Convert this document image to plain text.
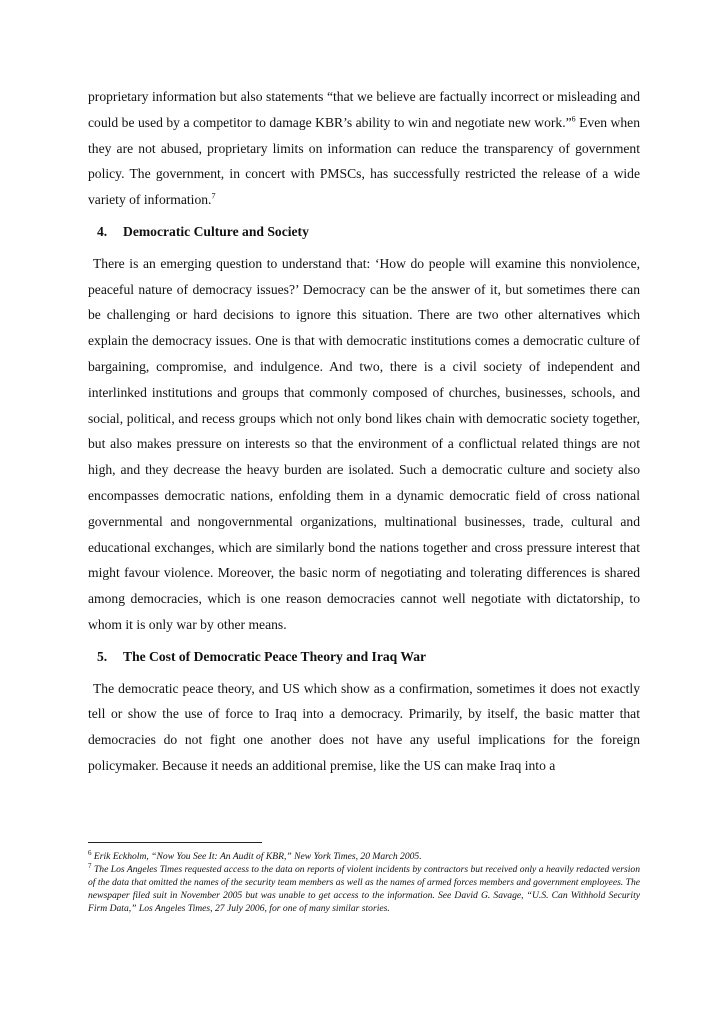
proprietary information but also statements “that we believe are factually incorrect or misleading and could be used by a competitor to damage KBR’s ability to win and negotiate new work.”$^6$ Even when they are not abused, proprietary limits on information can reduce the transparency of government policy. The government, in concert with PMSCs, has successfully restricted the release of a wide variety of information.$^7$

4. Democratic Culture and Society

There is an emerging question to understand that: ‘How do people will examine this nonviolence, peaceful nature of democracy issues?’ Democracy can be the answer of it, but sometimes there can be challenging or hard decisions to ignore this situation. There are two other alternatives which explain the democracy issues. One is that with democratic institutions comes a democratic culture of bargaining, compromise, and indulgence. And two, there is a civil society of independent and interlinked institutions and groups that commonly composed of churches, businesses, schools, and social, political, and recess groups which not only bond likes chain with democratic society together, but also makes pressure on interests so that the environment of a conflictual related things are not high, and they decrease the heavy burden are isolated. Such a democratic culture and society also encompasses democratic nations, enfolding them in a dynamic democratic field of cross national governmental and nongovernmental organizations, multinational businesses, trade, cultural and educational exchanges, which are similarly bond the nations together and cross pressure interest that might favour violence. Moreover, the basic norm of negotiating and tolerating differences is shared among democracies, which is one reason democracies cannot well negotiate with dictatorship, to whom it is only war by other means.

5. The Cost of Democratic Peace Theory and Iraq War

The democratic peace theory, and US which show as a confirmation, sometimes it does not exactly tell or show the use of force to Iraq into a democracy. Primarily, by itself, the basic matter that democracies do not fight one another does not have any useful implications for the foreign policymaker. Because it needs an additional premise, like the US can make Iraq into a

$^6$ Erik Eckholm, “Now You See It: An Audit of KBR,” New York Times, 20 March 2005.
$^7$ The Los Angeles Times requested access to the data on reports of violent incidents by contractors but received only a heavily redacted version of the data that omitted the names of the security team members as well as the names of armed forces members and government employees. The newspaper filed suit in November 2005 but was unable to get access to the information. See David G. Savage, “U.S. Can Withhold Security Firm Data,” Los Angeles Times, 27 July 2006, for one of many similar stories.
